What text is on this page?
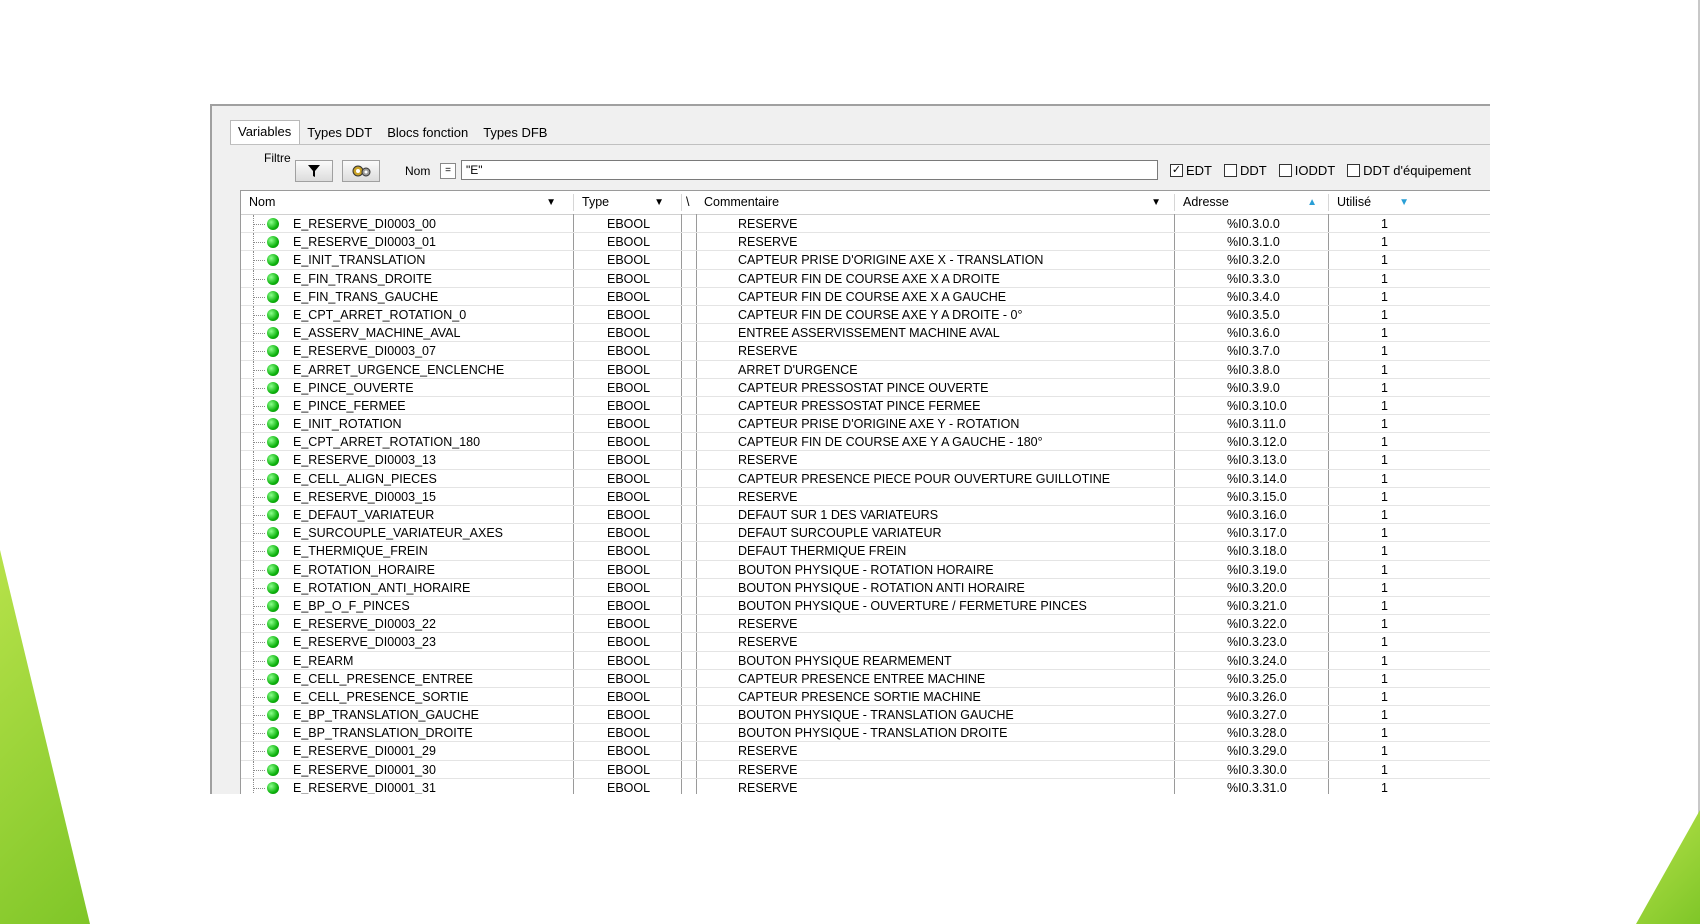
Variables	Types DDT	Blocs fonction	Types DFB
Filtre
Nom	=
"E"	✓ EDT DDT IODDT DDT d'équipement
Nom	▼	Type	▼	\	Commentaire	▼	Adresse	▲	Utilisé	▼
E_RESERVE_DI0003_00	EBOOL	RESERVE	%I0.3.0.0	1
E_RESERVE_DI0003_01	EBOOL	RESERVE	%I0.3.1.0	1
E_INIT_TRANSLATION	EBOOL	CAPTEUR PRISE D'ORIGINE AXE X - TRANSLATION	%I0.3.2.0	1
E_FIN_TRANS_DROITE	EBOOL	CAPTEUR FIN DE COURSE AXE X A DROITE	%I0.3.3.0	1
E_FIN_TRANS_GAUCHE	EBOOL	CAPTEUR FIN DE COURSE AXE X A GAUCHE	%I0.3.4.0	1
E_CPT_ARRET_ROTATION_0	EBOOL	CAPTEUR FIN DE COURSE AXE Y A DROITE - 0°	%I0.3.5.0	1
E_ASSERV_MACHINE_AVAL	EBOOL	ENTREE ASSERVISSEMENT MACHINE AVAL	%I0.3.6.0	1
E_RESERVE_DI0003_07	EBOOL	RESERVE	%I0.3.7.0	1
E_ARRET_URGENCE_ENCLENCHE	EBOOL	ARRET D'URGENCE	%I0.3.8.0	1
E_PINCE_OUVERTE	EBOOL	CAPTEUR PRESSOSTAT PINCE OUVERTE	%I0.3.9.0	1
E_PINCE_FERMEE	EBOOL	CAPTEUR PRESSOSTAT PINCE FERMEE	%I0.3.10.0	1
E_INIT_ROTATION	EBOOL	CAPTEUR PRISE D'ORIGINE AXE Y - ROTATION	%I0.3.11.0	1
E_CPT_ARRET_ROTATION_180	EBOOL	CAPTEUR FIN DE COURSE AXE Y A GAUCHE - 180°	%I0.3.12.0	1
E_RESERVE_DI0003_13	EBOOL	RESERVE	%I0.3.13.0	1
E_CELL_ALIGN_PIECES	EBOOL	CAPTEUR PRESENCE PIECE POUR OUVERTURE GUILLOTINE	%I0.3.14.0	1
E_RESERVE_DI0003_15	EBOOL	RESERVE	%I0.3.15.0	1
E_DEFAUT_VARIATEUR	EBOOL	DEFAUT SUR 1 DES VARIATEURS	%I0.3.16.0	1
E_SURCOUPLE_VARIATEUR_AXES	EBOOL	DEFAUT SURCOUPLE VARIATEUR	%I0.3.17.0	1
E_THERMIQUE_FREIN	EBOOL	DEFAUT THERMIQUE FREIN	%I0.3.18.0	1
E_ROTATION_HORAIRE	EBOOL	BOUTON PHYSIQUE - ROTATION HORAIRE	%I0.3.19.0	1
E_ROTATION_ANTI_HORAIRE	EBOOL	BOUTON PHYSIQUE - ROTATION ANTI HORAIRE	%I0.3.20.0	1
E_BP_O_F_PINCES	EBOOL	BOUTON PHYSIQUE - OUVERTURE / FERMETURE PINCES	%I0.3.21.0	1
E_RESERVE_DI0003_22	EBOOL	RESERVE	%I0.3.22.0	1
E_RESERVE_DI0003_23	EBOOL	RESERVE	%I0.3.23.0	1
E_REARM	EBOOL	BOUTON PHYSIQUE REARMEMENT	%I0.3.24.0	1
E_CELL_PRESENCE_ENTREE	EBOOL	CAPTEUR PRESENCE ENTREE MACHINE	%I0.3.25.0	1
E_CELL_PRESENCE_SORTIE	EBOOL	CAPTEUR PRESENCE SORTIE MACHINE	%I0.3.26.0	1
E_BP_TRANSLATION_GAUCHE	EBOOL	BOUTON PHYSIQUE - TRANSLATION GAUCHE	%I0.3.27.0	1
E_BP_TRANSLATION_DROITE	EBOOL	BOUTON PHYSIQUE - TRANSLATION DROITE	%I0.3.28.0	1
E_RESERVE_DI0001_29	EBOOL	RESERVE	%I0.3.29.0	1
E_RESERVE_DI0001_30	EBOOL	RESERVE	%I0.3.30.0	1
E_RESERVE_DI0001_31	EBOOL	RESERVE	%I0.3.31.0	1
